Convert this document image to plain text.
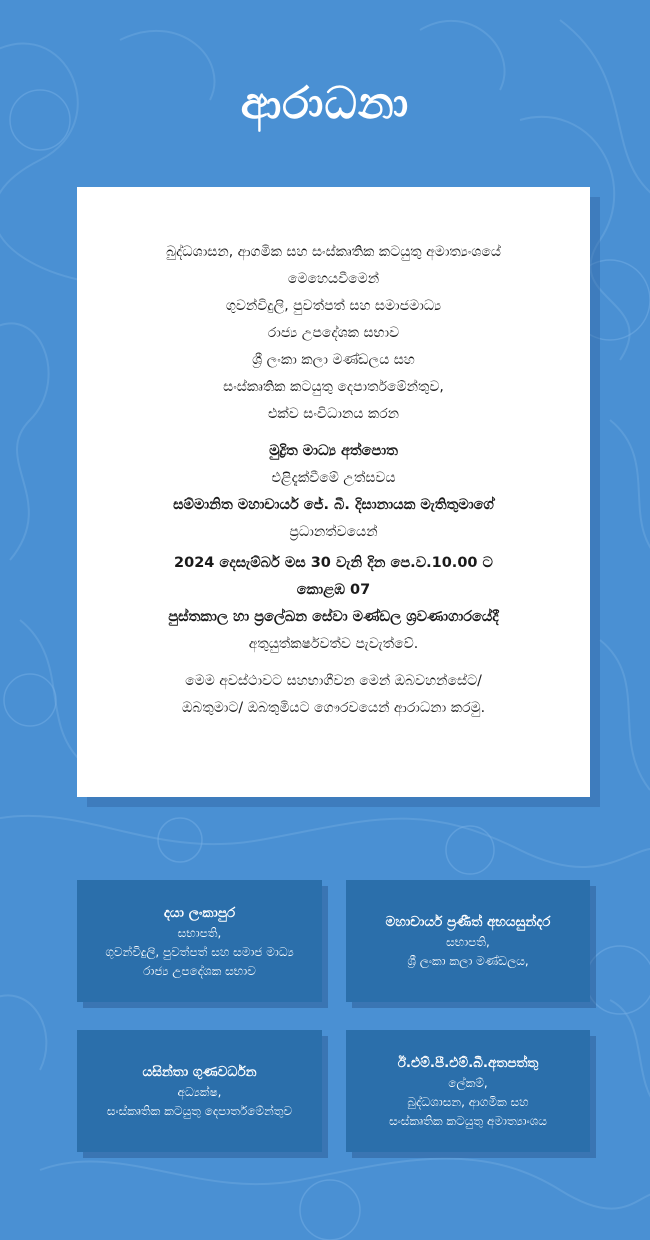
ආරාධනා
බුද්ධශාසන, ආගමික සහ සංස්කෘතික කටයුතු අමාත්‍යංශයේ
මෙහෙයවීමෙන්
ගුවන්විදුලි, පුවත්පත් සහ සමාජමාධ්‍ය
රාජ්‍ය උපදේශක සභාව
ශ්‍රී ලංකා කලා මණ්ඩලය සහ
සංස්කෘතික කටයුතු දෙපාර්තමේන්තුව,
එක්ව සංවිධානය කරන
මුද්‍රිත මාධ්‍ය අත්පොත
එළිදැක්වීමේ උත්සවය
සම්මානිත මහාචාර්ය ජේ. බී. දිසානායක මැතිතුමාගේ
ප්‍රධානත්වයෙන්
2024 දෙසැම්බර් මස 30 වැනි දින පෙ.ව.10.00 ට
කොළඹ 07
පුස්තකාල හා ප්‍රලේඛන සේවා මණ්ඩල ශ්‍රවණාගාරයේදී
අතුයුත්කර්ෂවත්ව පැවැත්වේ.
මෙම අවස්ථාවට සහභාගීවන මෙන් ඔබවහන්සේට/
ඔබතුමාට/ ඔබතුමියට ගෞරවයෙන් ආරාධනා කරමු.
දයා ලංකාපුර
සභාපති,
ගුවන්විදුලි, පුවත්පත් සහ සමාජ මාධ්‍ය
රාජ්‍ය උපදේශක සභාව
මහාචාර්ය ප්‍රණීත් අභයසුන්දර
සභාපති,
ශ්‍රී ලංකා කලා මණ්ඩලය,
යසින්තා ගුණවර්ධන
අධ්‍යක්ෂ,
සංස්කෘතික කටයුතු දෙපාර්තමේන්තුව
ඊ.එම්.පී.එම්.බී.අතපත්තු
ලේකම්,
බුද්ධශාසන, ආගමික සහ
සංස්කෘතික කටයුතු අමාත්‍යාංශය
